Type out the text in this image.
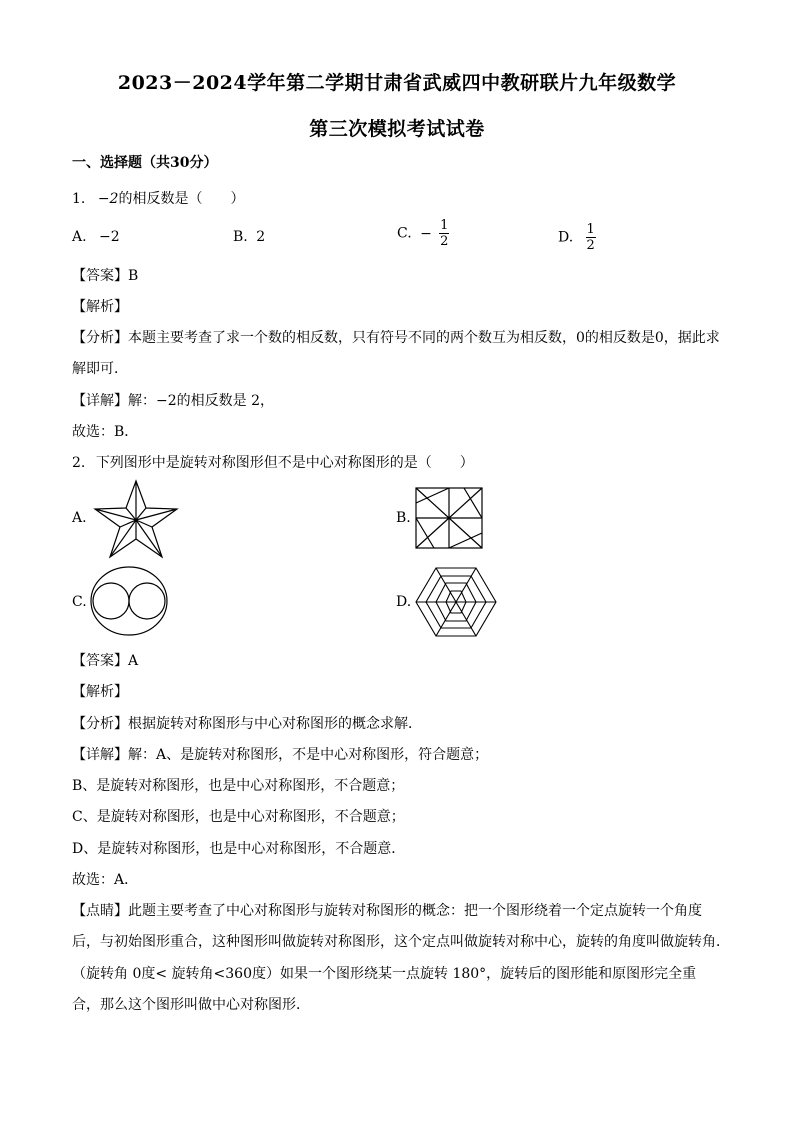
2023－2024学年第二学期甘肃省武威四中教研联片九年级数学
第三次模拟考试试卷
一、选择题（共30分）
1. −2的相反数是（　　）
A. −2	B. 2	C. − $\frac{1}{2}$	D. $\frac{1}{2}$
【答案】B
【解析】
【分析】本题主要考查了求一个数的相反数，只有符号不同的两个数互为相反数，0的相反数是0，据此求
解即可．
【详解】解：−2的相反数是 2，
故选：B．
2. 下列图形中是旋转对称图形但不是中心对称图形的是（　　）
A.	B.
C.	D.
【答案】A
【解析】
【分析】根据旋转对称图形与中心对称图形的概念求解．
【详解】解：A、是旋转对称图形，不是中心对称图形，符合题意；
B、是旋转对称图形，也是中心对称图形，不合题意；
C、是旋转对称图形，也是中心对称图形，不合题意；
D、是旋转对称图形，也是中心对称图形，不合题意．
故选：A．
【点睛】此题主要考查了中心对称图形与旋转对称图形的概念：把一个图形绕着一个定点旋转一个角度
后，与初始图形重合，这种图形叫做旋转对称图形，这个定点叫做旋转对称中心，旋转的角度叫做旋转角．
（旋转角 0度< 旋转角<360度）如果一个图形绕某一点旋转 180°，旋转后的图形能和原图形完全重
合，那么这个图形叫做中心对称图形．
